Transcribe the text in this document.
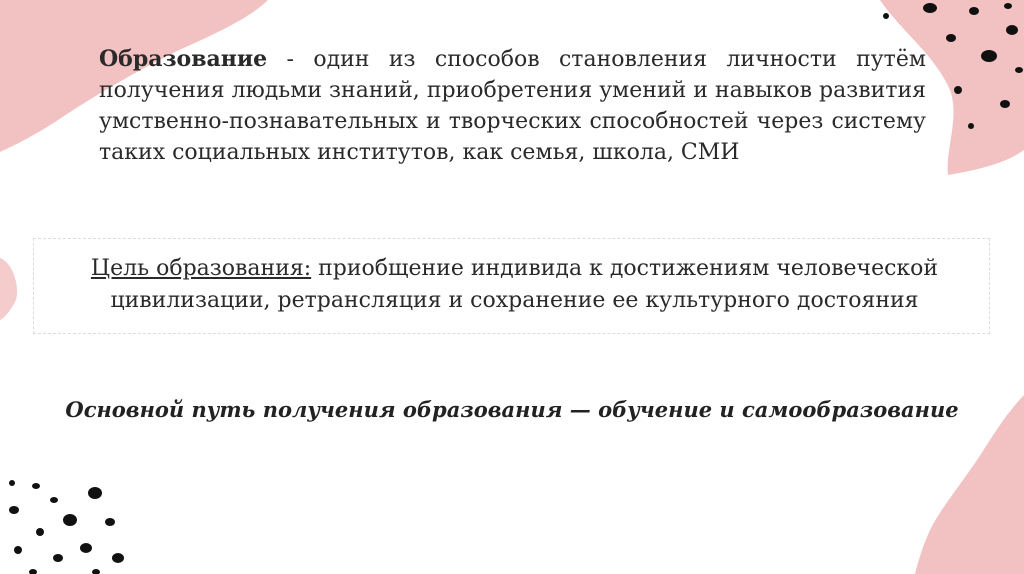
Образование - один из способов становления личности путём получения людьми знаний, приобретения умений и навыков развития умственно-познавательных и творческих способностей через систему таких социальных институтов, как семья, школа, СМИ
Цель образования: приобщение индивида к достижениям человеческой цивилизации, ретрансляция и сохранение ее культурного достояния
Основной путь получения образования — обучение и самообразование
